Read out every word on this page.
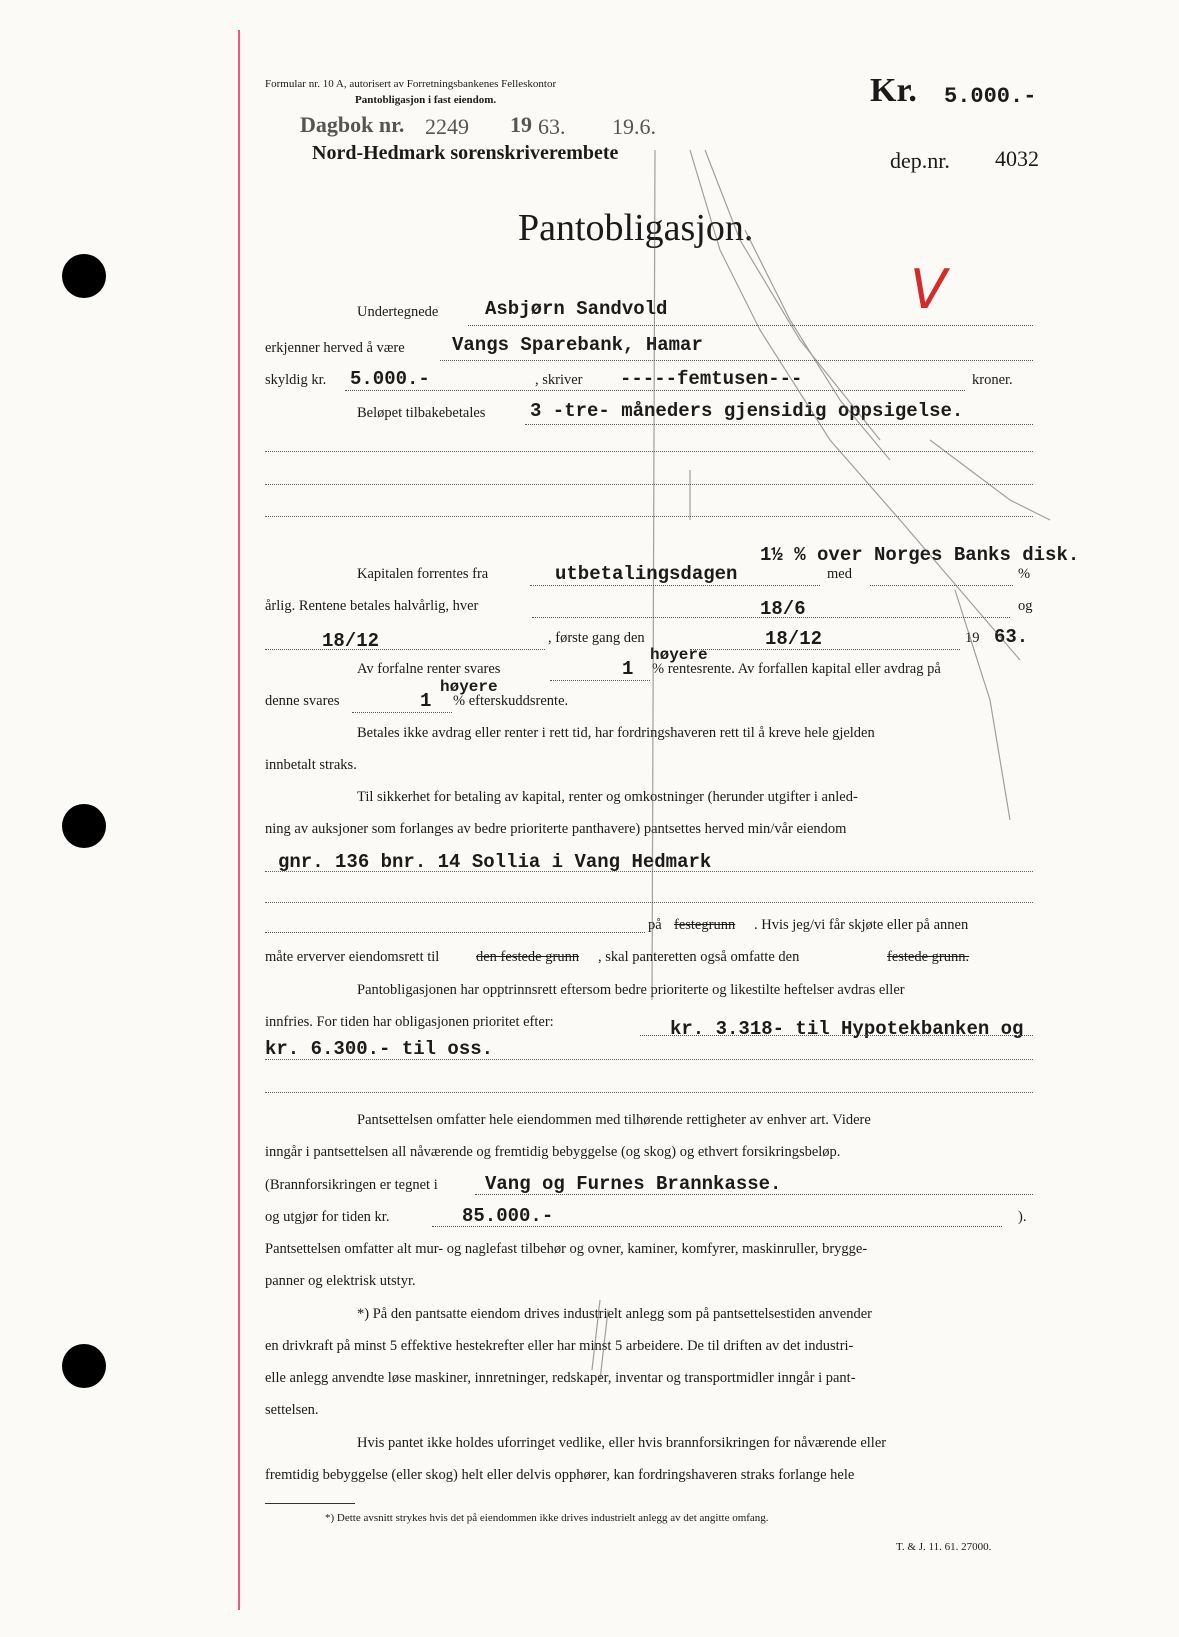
Formular nr. 10 A, autorisert av Forretningsbankenes Felleskontor
Pantobligasjon i fast eiendom.	Kr. 5.000.-
Dagbok nr. 2249 19 63. 19.6.
Nord-Hedmark sorenskriverembete	dep.nr. 4032
Pantobligasjon.
V
Undertegnede Asbjørn Sandvold
erkjenner herved å være Vangs Sparebank, Hamar
skyldig kr. 5.000.-	, skriver -----femtusen---	kroner.
Beløpet tilbakebetales 3 -tre- måneders gjensidig oppsigelse.
1½ % over Norges Banks disk.
Kapitalen forrentes fra	utbetalingsdagen	med	%
årlig. Rentene betales halvårlig, hver	18/6	og
18/12	, første gang den	18/12	19 63.
Av forfalne renter svares	1
høyere
% rentesrente. Av forfallen kapital eller avdrag på
denne svares	1
høyere
% efterskuddsrente.
Betales ikke avdrag eller renter i rett tid, har fordringshaveren rett til å kreve hele gjelden
innbetalt straks.
Til sikkerhet for betaling av kapital, renter og omkostninger (herunder utgifter i anled-
ning av auksjoner som forlanges av bedre prioriterte panthavere) pantsettes herved min/vår eiendom
gnr. 136 bnr. 14 Sollia i Vang Hedmark
på festegrunn . Hvis jeg/vi får skjøte eller på annen
måte erverver eiendomsrett til	den festede grunn , skal panteretten også omfatte den	festede grunn.
Pantobligasjonen har opptrinnsrett eftersom bedre prioriterte og likestilte heftelser avdras eller
innfries. For tiden har obligasjonen prioritet efter:	kr. 3.318- til Hypotekbanken og
kr. 6.300.- til oss.
Pantsettelsen omfatter hele eiendommen med tilhørende rettigheter av enhver art. Videre
inngår i pantsettelsen all nåværende og fremtidig bebyggelse (og skog) og ethvert forsikringsbeløp.
(Brannforsikringen er tegnet i Vang og Furnes Brannkasse.
og utgjør for tiden kr.	85.000.-	).
Pantsettelsen omfatter alt mur- og naglefast tilbehør og ovner, kaminer, komfyrer, maskinruller, brygge-
panner og elektrisk utstyr.
*) På den pantsatte eiendom drives industrielt anlegg som på pantsettelsestiden anvender
en drivkraft på minst 5 effektive hestekrefter eller har minst 5 arbeidere. De til driften av det industri-
elle anlegg anvendte løse maskiner, innretninger, redskaper, inventar og transportmidler inngår i pant-
settelsen.
Hvis pantet ikke holdes uforringet vedlike, eller hvis brannforsikringen for nåværende eller
fremtidig bebyggelse (eller skog) helt eller delvis opphører, kan fordringshaveren straks forlange hele
*) Dette avsnitt strykes hvis det på eiendommen ikke drives industrielt anlegg av det angitte omfang.
T. & J. 11. 61. 27000.
